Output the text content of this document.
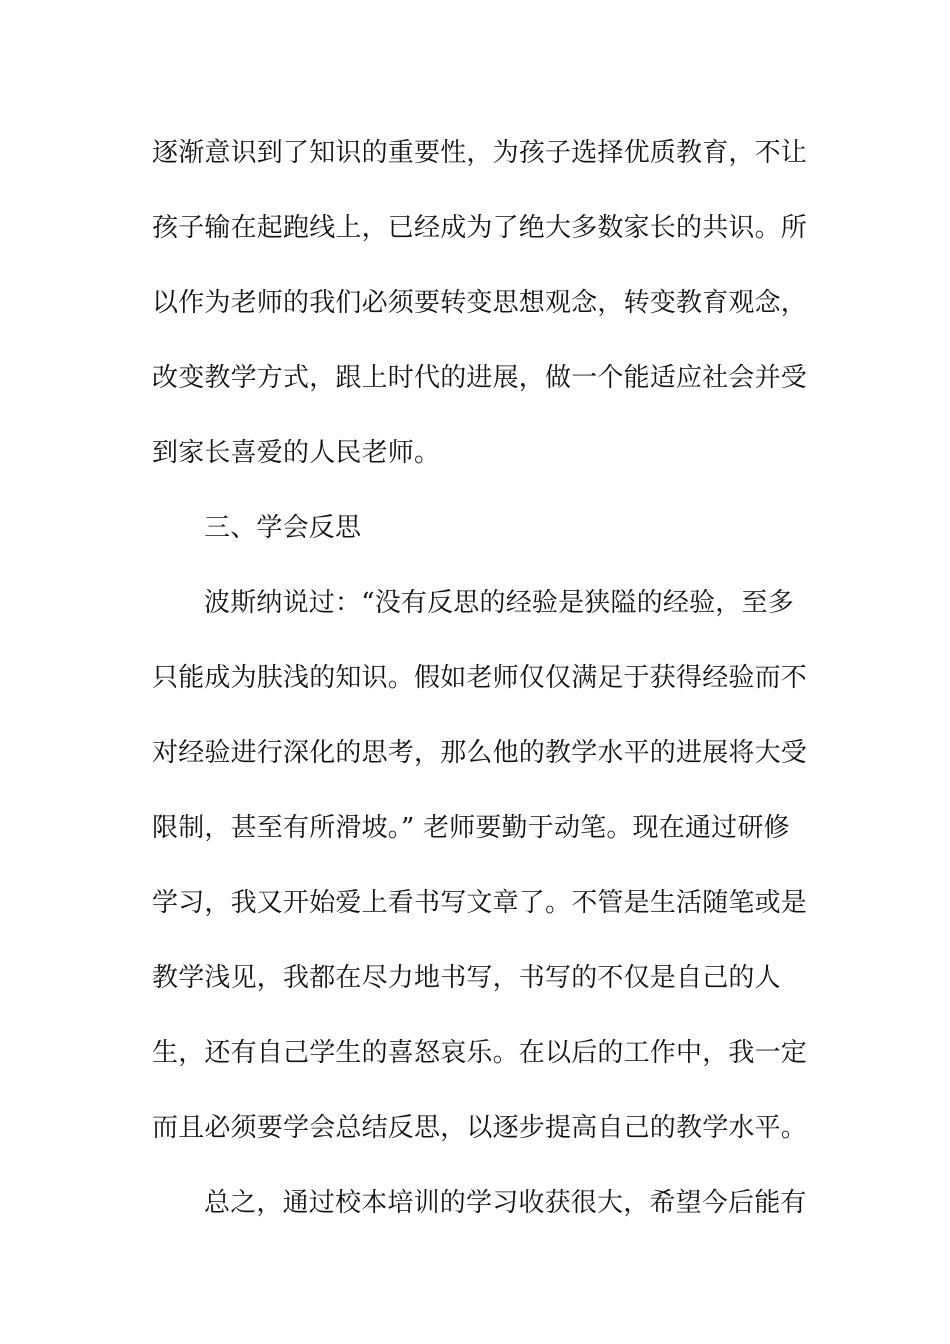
逐渐意识到了知识的重要性，为孩子选择优质教育，不让
孩子输在起跑线上，已经成为了绝大多数家长的共识。所
以作为老师的我们必须要转变思想观念，转变教育观念，
改变教学方式，跟上时代的进展，做一个能适应社会并受
到家长喜爱的人民老师。
三、学会反思
波斯纳说过：“没有反思的经验是狭隘的经验，至多
只能成为肤浅的知识。假如老师仅仅满足于获得经验而不
对经验进行深化的思考，那么他的教学水平的进展将大受
限制，甚至有所滑坡。” 老师要勤于动笔。现在通过研修
学习，我又开始爱上看书写文章了。不管是生活随笔或是
教学浅见，我都在尽力地书写，书写的不仅是自己的人
生，还有自己学生的喜怒哀乐。在以后的工作中，我一定
而且必须要学会总结反思，以逐步提高自己的教学水平。
总之，通过校本培训的学习收获很大，希望今后能有
